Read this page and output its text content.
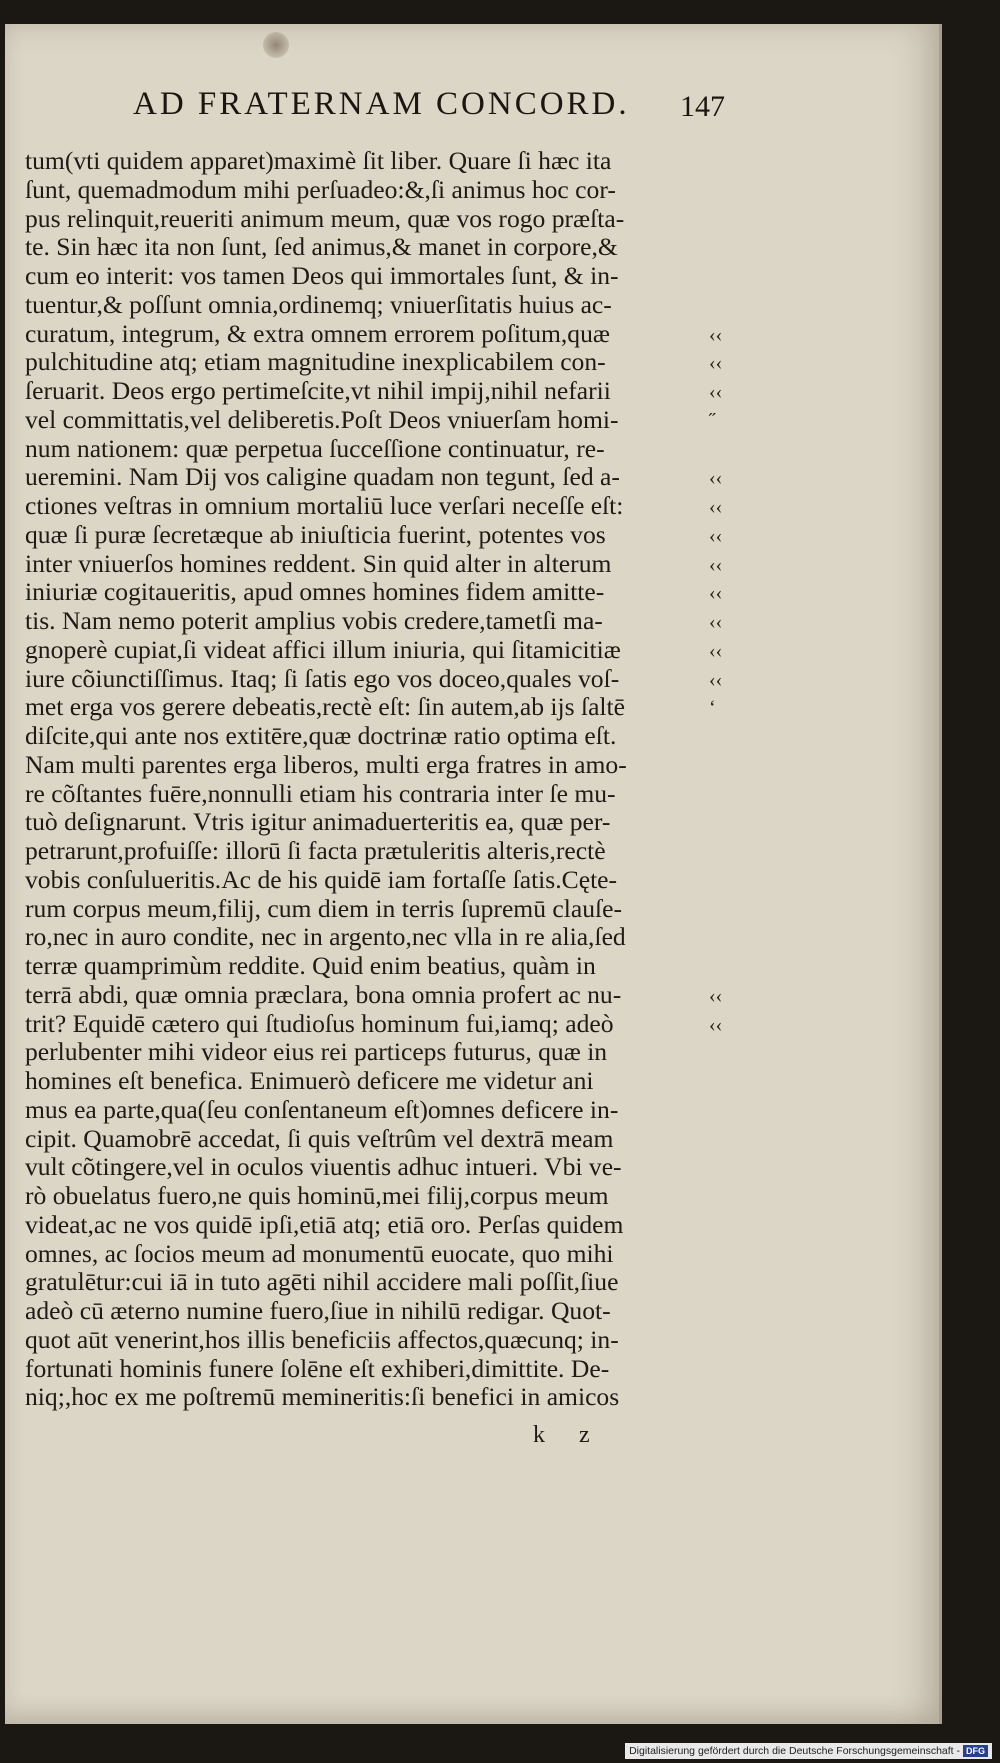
AD FRATERNAM CONCORD.	147
tum(vti quidem apparet)maximè ſit liber. Quare ſi hæc ita
ſunt, quemadmodum mihi perſuadeo:&,ſi animus hoc cor-
pus relinquit,reueriti animum meum, quæ vos rogo præſta-
te. Sin hæc ita non ſunt, ſed animus,& manet in corpore,&
cum eo interit: vos tamen Deos qui immortales ſunt, & in-
tuentur,& poſſunt omnia,ordinemq; vniuerſitatis huius ac-
curatum, integrum, & extra omnem errorem poſitum,quæ
pulchitudine atq; etiam magnitudine inexplicabilem con-
ſeruarit. Deos ergo pertimeſcite,vt nihil impij,nihil nefarii
vel committatis,vel deliberetis.Poſt Deos vniuerſam homi-
num nationem: quæ perpetua ſucceſſione continuatur, re-
ueremini. Nam Dij vos caligine quadam non tegunt, ſed a-
ctiones veſtras in omnium mortaliū luce verſari neceſſe eſt:
quæ ſi puræ ſecretæque ab iniuſticia fuerint, potentes vos
inter vniuerſos homines reddent. Sin quid alter in alterum
iniuriæ cogitaueritis, apud omnes homines fidem amitte-
tis. Nam nemo poterit amplius vobis credere,tametſi ma-
gnoperè cupiat,ſi videat affici illum iniuria, qui ſitamicitiæ
iure cõiunctiſſimus. Itaq; ſi ſatis ego vos doceo,quales voſ-
met erga vos gerere debeatis,rectè eſt: ſin autem,ab ijs ſaltē
diſcite,qui ante nos extitēre,quæ doctrinæ ratio optima eſt.
Nam multi parentes erga liberos, multi erga fratres in amo-
re cõſtantes fuēre,nonnulli etiam his contraria inter ſe mu-
tuò deſignarunt. Vtris igitur animaduerteritis ea, quæ per-
petrarunt,profuiſſe: illorū ſi facta prætuleritis alteris,rectè
vobis conſulueritis.Ac de his quidē iam fortaſſe ſatis.Cęte-
rum corpus meum,filij, cum diem in terris ſupremū clauſe-
ro,nec in auro condite, nec in argento,nec vlla in re alia,ſed
terræ quamprimùm reddite. Quid enim beatius, quàm in
terrā abdi, quæ omnia præclara, bona omnia profert ac nu-
trit? Equidē cætero qui ſtudioſus hominum fui,iamq; adeò
perlubenter mihi videor eius rei particeps futurus, quæ in
homines eſt benefica. Enimuerò deficere me videtur ani
mus ea parte,qua(ſeu conſentaneum eſt)omnes deficere in-
cipit. Quamobrē accedat, ſi quis veſtrûm vel dextrā meam
vult cõtingere,vel in oculos viuentis adhuc intueri. Vbi ve-
rò obuelatus fuero,ne quis hominū,mei filij,corpus meum
videat,ac ne vos quidē ipſi,etiā atq; etiā oro. Perſas quidem
omnes, ac ſocios meum ad monumentū euocate, quo mihi
gratulētur:cui iā in tuto agēti nihil accidere mali poſſit,ſiue
adeò cū æterno numine fuero,ſiue in nihilū redigar. Quot-
quot aūt venerint,hos illis beneficiis affectos,quæcunq; in-
fortunati hominis funere ſolēne eſt exhiberi,dimittite. De-
niq;,hoc ex me poſtremū memineritis:ſi benefici in amicos
‹‹
‹‹
‹‹
˝
‹‹
‹‹
‹‹
‹‹
‹‹
‹‹
‹‹
‹‹
ʻ
‹‹
‹‹
k z
Digitalisierung gefördert durch die Deutsche Forschungsgemeinschaft - DFG
